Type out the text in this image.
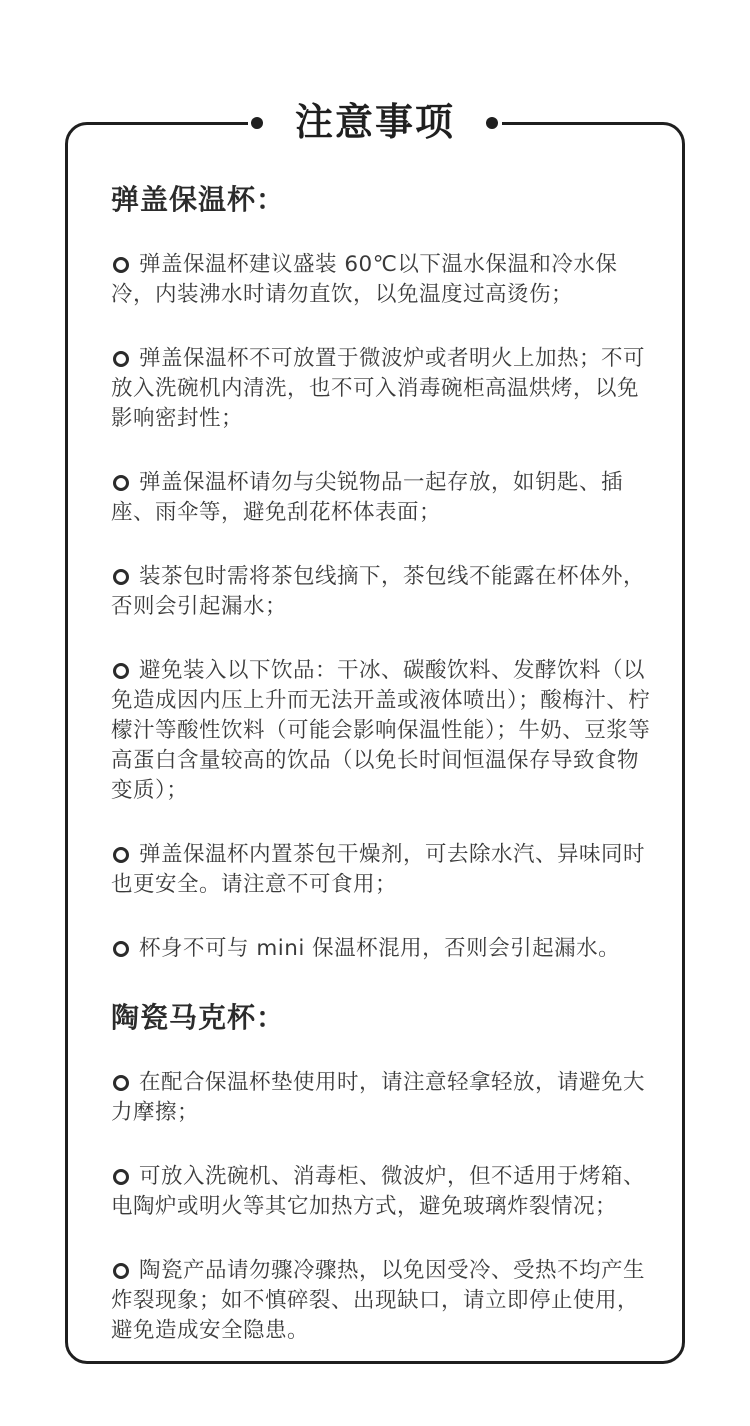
注意事项
弹盖保温杯：
弹盖保温杯建议盛装 60℃以下温水保温和冷水保冷，内装沸水时请勿直饮，以免温度过高烫伤；
弹盖保温杯不可放置于微波炉或者明火上加热；不可放入洗碗机内清洗，也不可入消毒碗柜高温烘烤，以免影响密封性；
弹盖保温杯请勿与尖锐物品一起存放，如钥匙、插座、雨伞等，避免刮花杯体表面；
装茶包时需将茶包线摘下，茶包线不能露在杯体外，否则会引起漏水；
避免装入以下饮品：干冰、碳酸饮料、发酵饮料（以免造成因内压上升而无法开盖或液体喷出）；酸梅汁、柠檬汁等酸性饮料（可能会影响保温性能）；牛奶、豆浆等高蛋白含量较高的饮品（以免长时间恒温保存导致食物变质）；
弹盖保温杯内置茶包干燥剂，可去除水汽、异味同时也更安全。请注意不可食用；
杯身不可与 mini 保温杯混用，否则会引起漏水。
陶瓷马克杯：
在配合保温杯垫使用时，请注意轻拿轻放，请避免大力摩擦；
可放入洗碗机、消毒柜、微波炉，但不适用于烤箱、电陶炉或明火等其它加热方式，避免玻璃炸裂情况；
陶瓷产品请勿骤冷骤热，以免因受冷、受热不均产生炸裂现象；如不慎碎裂、出现缺口，请立即停止使用，避免造成安全隐患。
